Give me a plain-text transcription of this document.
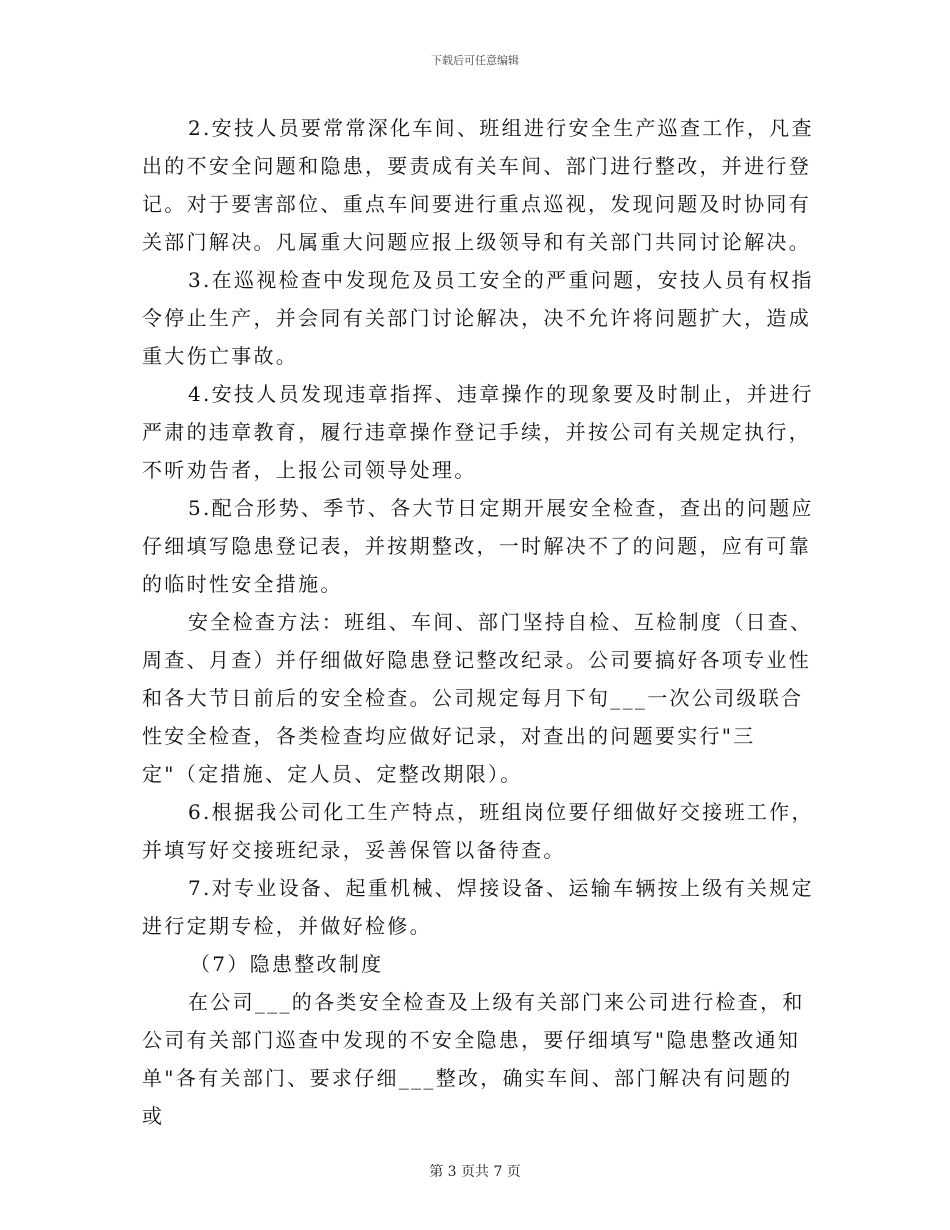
下载后可任意编辑

2.安技人员要常常深化车间、班组进行安全生产巡查工作，凡查出的不安全问题和隐患，要责成有关车间、部门进行整改，并进行登记。对于要害部位、重点车间要进行重点巡视，发现问题及时协同有关部门解决。凡属重大问题应报上级领导和有关部门共同讨论解决。

3.在巡视检查中发现危及员工安全的严重问题，安技人员有权指令停止生产，并会同有关部门讨论解决，决不允许将问题扩大，造成重大伤亡事故。

4.安技人员发现违章指挥、违章操作的现象要及时制止，并进行严肃的违章教育，履行违章操作登记手续，并按公司有关规定执行，不听劝告者，上报公司领导处理。

5.配合形势、季节、各大节日定期开展安全检查，查出的问题应仔细填写隐患登记表，并按期整改，一时解决不了的问题，应有可靠的临时性安全措施。

安全检查方法：班组、车间、部门坚持自检、互检制度（日查、周查、月查）并仔细做好隐患登记整改纪录。公司要搞好各项专业性和各大节日前后的安全检查。公司规定每月下旬___一次公司级联合性安全检查，各类检查均应做好记录，对查出的问题要实行"三定"（定措施、定人员、定整改期限）。

6.根据我公司化工生产特点，班组岗位要仔细做好交接班工作，并填写好交接班纪录，妥善保管以备待查。

7.对专业设备、起重机械、焊接设备、运输车辆按上级有关规定进行定期专检，并做好检修。

（7）隐患整改制度

在公司___的各类安全检查及上级有关部门来公司进行检查，和公司有关部门巡查中发现的不安全隐患，要仔细填写"隐患整改通知单"各有关部门、要求仔细___整改，确实车间、部门解决有问题的或

第 3 页共 7 页
